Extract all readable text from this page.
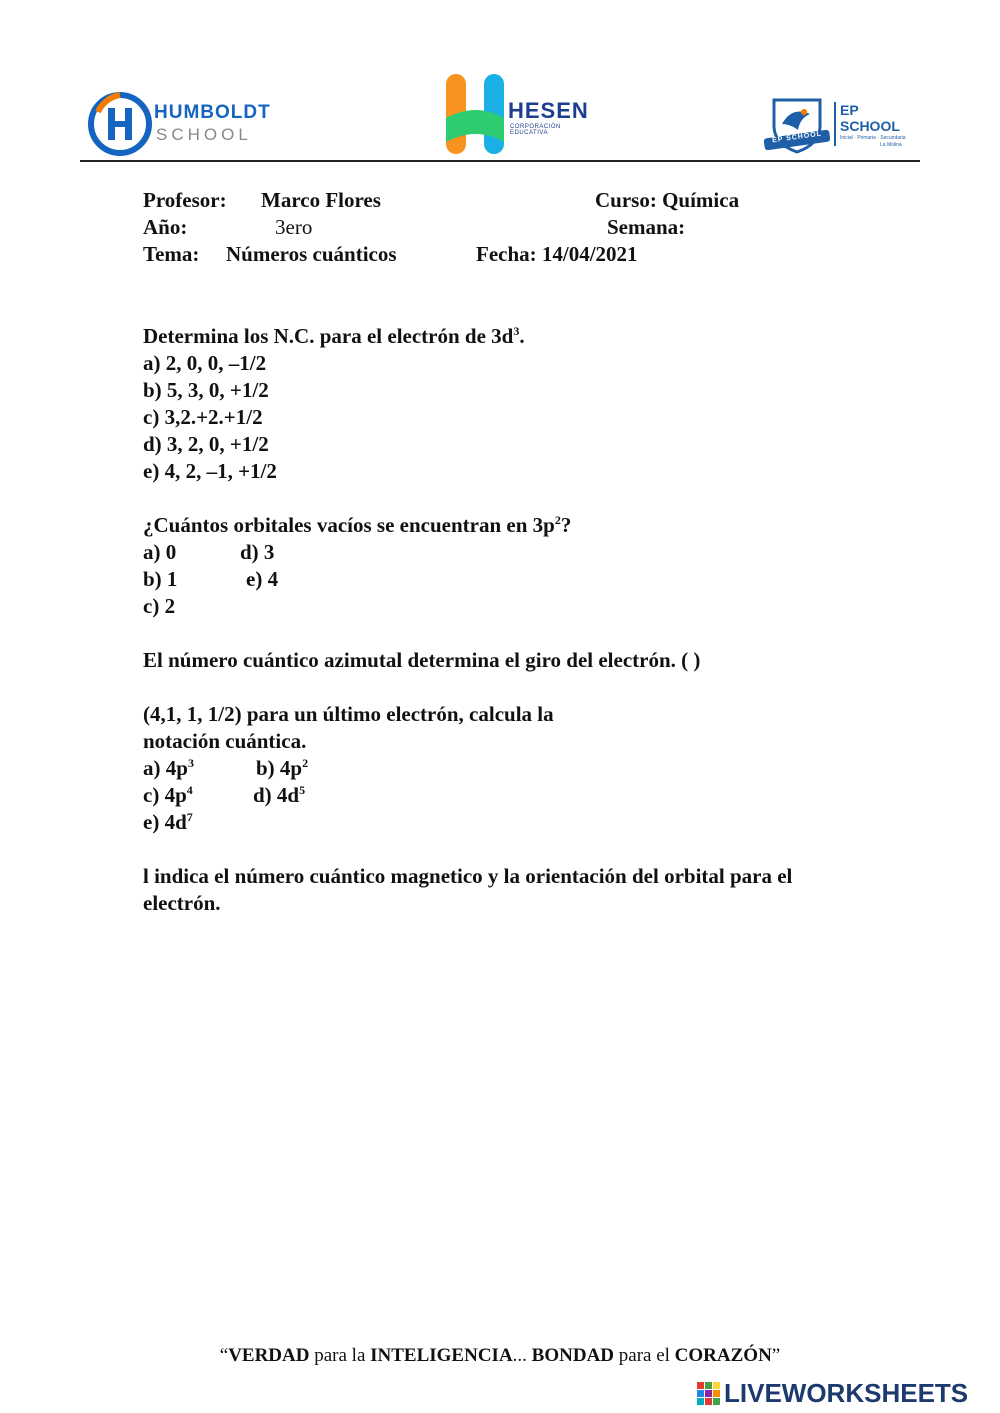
HUMBOLDT
SCHOOL
HESEN
CORPORACIÓN EDUCATIVA	EP SCHOOL
EP
SCHOOL
Inicial · Primaria · Secundaria
La Molina
Profesor: Marco Flores	Curso: Química
Año:	3ero	Semana:
Tema: Números cuánticos	Fecha: 14/04/2021
Determina los N.C. para el electrón de $3d^3$.
a) 2, 0, 0, –1/2
b) 5, 3, 0, +1/2
c) 3,2.+2.+1/2
d) 3, 2, 0, +1/2
e) 4, 2, –1, +1/2
¿Cuántos orbitales vacíos se encuentran en $3p^2$?
a) 0	d) 3
b) 1	e) 4
c) 2
El número cuántico azimutal determina el giro del electrón. ( )
(4,1, 1, 1/2) para un último electrón, calcula la
notación cuántica.
a) $4p^3$	b) $4p^2$
c) $4p^4$	d) $4d^5$
e) $4d^7$
l indica el número cuántico magnetico y la orientación del orbital para el
electrón.
“VERDAD para la INTELIGENCIA... BONDAD para el CORAZÓN”
LIVEWORKSHEETS
